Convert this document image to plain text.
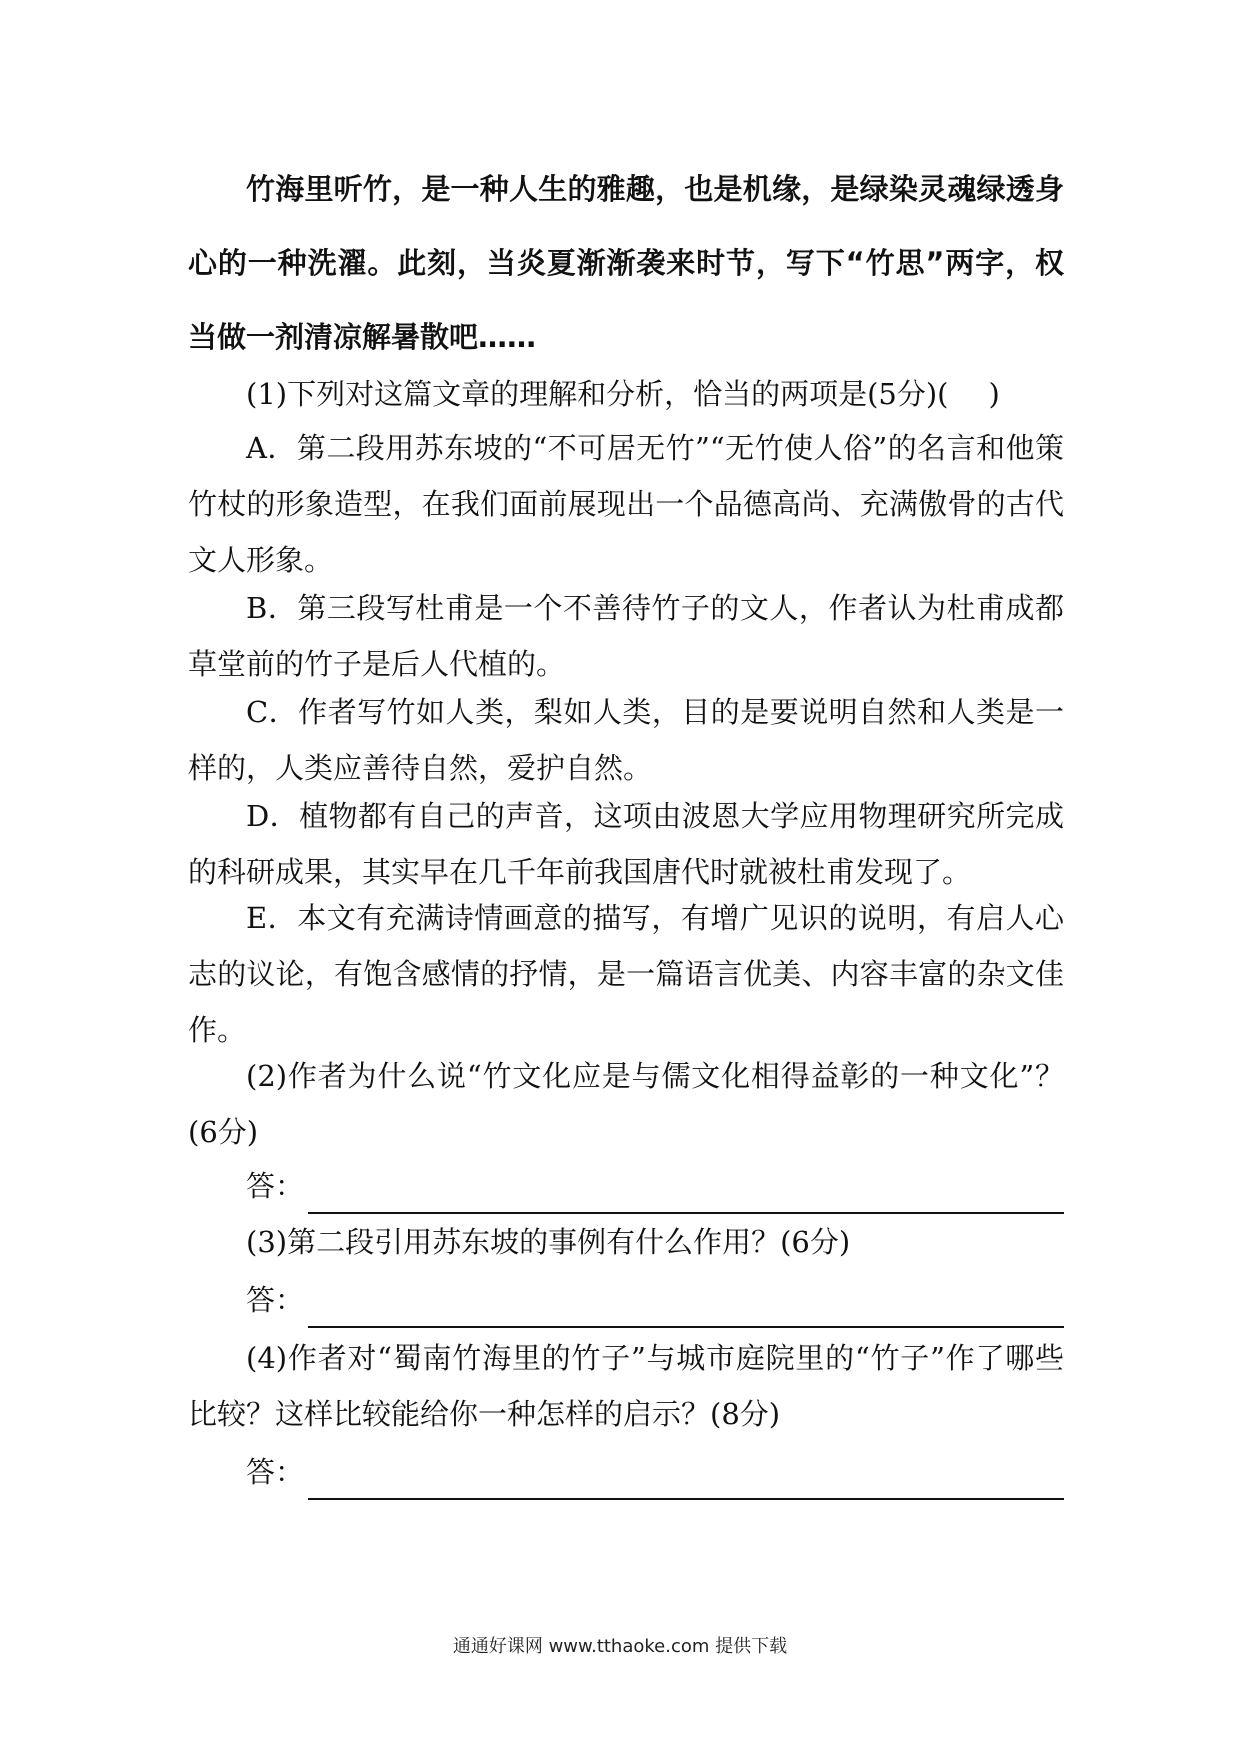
竹海里听竹，是一种人生的雅趣，也是机缘，是绿染灵魂绿透身心的一种洗濯。此刻，当炎夏渐渐袭来时节，写下“竹思”两字，权当做一剂清凉解暑散吧……

(1)下列对这篇文章的理解和分析，恰当的两项是(5分)( )

A．第二段用苏东坡的“不可居无竹”“无竹使人俗”的名言和他策竹杖的形象造型，在我们面前展现出一个品德高尚、充满傲骨的古代文人形象。

B．第三段写杜甫是一个不善待竹子的文人，作者认为杜甫成都草堂前的竹子是后人代植的。

C．作者写竹如人类，梨如人类，目的是要说明自然和人类是一样的，人类应善待自然，爱护自然。

D．植物都有自己的声音，这项由波恩大学应用物理研究所完成的科研成果，其实早在几千年前我国唐代时就被杜甫发现了。

E．本文有充满诗情画意的描写，有增广见识的说明，有启人心志的议论，有饱含感情的抒情，是一篇语言优美、内容丰富的杂文佳作。

(2)作者为什么说“竹文化应是与儒文化相得益彰的一种文化”？(6分)

答：

(3)第二段引用苏东坡的事例有什么作用？(6分)

答：

(4)作者对“蜀南竹海里的竹子”与城市庭院里的“竹子”作了哪些比较？这样比较能给你一种怎样的启示？(8分)

答：
通通好课网 www.tthaoke.com 提供下载
